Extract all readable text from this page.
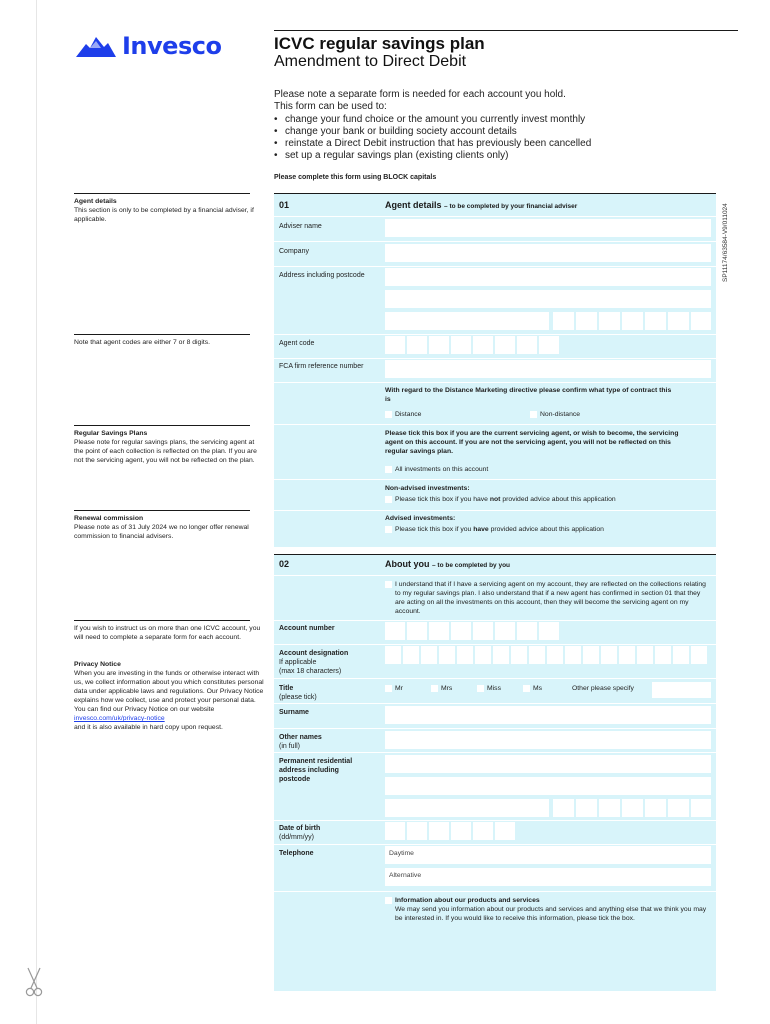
Invesco	ICVC regular savings plan
Amendment to Direct Debit
Please note a separate form is needed for each account you hold.
This form can be used to:
• change your fund choice or the amount you currently invest monthly
• change your bank or building society account details
• reinstate a Direct Debit instruction that has previously been cancelled
• set up a regular savings plan (existing clients only)
Please complete this form using BLOCK capitals
SP11174/63584-V9/011024
Agent details
This section is only to be completed by a financial adviser, if applicable.
Note that agent codes are either 7 or 8 digits.
Regular Savings Plans
Please note for regular savings plans, the servicing agent at the point of each collection is reflected on the plan. If you are not the servicing agent, you will not be reflected on the plan.
Renewal commission
Please note as of 31 July 2024 we no longer offer renewal commission to financial advisers.
If you wish to instruct us on more than one ICVC account, you will need to complete a separate form for each account.
Privacy Notice
When you are investing in the funds or otherwise interact with us, we collect information about you which constitutes personal data under applicable laws and regulations. Our Privacy Notice explains how we collect, use and protect your personal data. You can find our Privacy Notice on our website invesco.com/uk/privacy-notice
and it is also available in hard copy upon request.
01	Agent details – to be completed by your financial adviser
Adviser name
Company
Address including postcode
Agent code
FCA firm reference number
With regard to the Distance Marketing directive please confirm what type of contract this is
Distance	Non-distance
Please tick this box if you are the current servicing agent, or wish to become, the servicing agent on this account. If you are not the servicing agent, you will not be reflected on this regular savings plan.
All investments on this account
Non-advised investments:
Please tick this box if you have not provided advice about this application
Advised investments:
Please tick this box if you have provided advice about this application
02	About you – to be completed by you
I understand that if I have a servicing agent on my account, they are reflected on the collections relating to my regular savings plan. I also understand that if a new agent has confirmed in section 01 that they are acting on all the investments on this account, then they will become the servicing agent on my account.
Account number
Account designation
If applicable
(max 18 characters)
Title
(please tick)
Mr	Mrs	Miss	Ms	Other please specify
Surname
Other names
(in full)
Permanent residential address including postcode
Date of birth
(dd/mm/yy)
Telephone	Daytime
Alternative
Information about our products and services
We may send you information about our products and services and anything else that we think you may be interested in. If you would like to receive this information, please tick the box.
